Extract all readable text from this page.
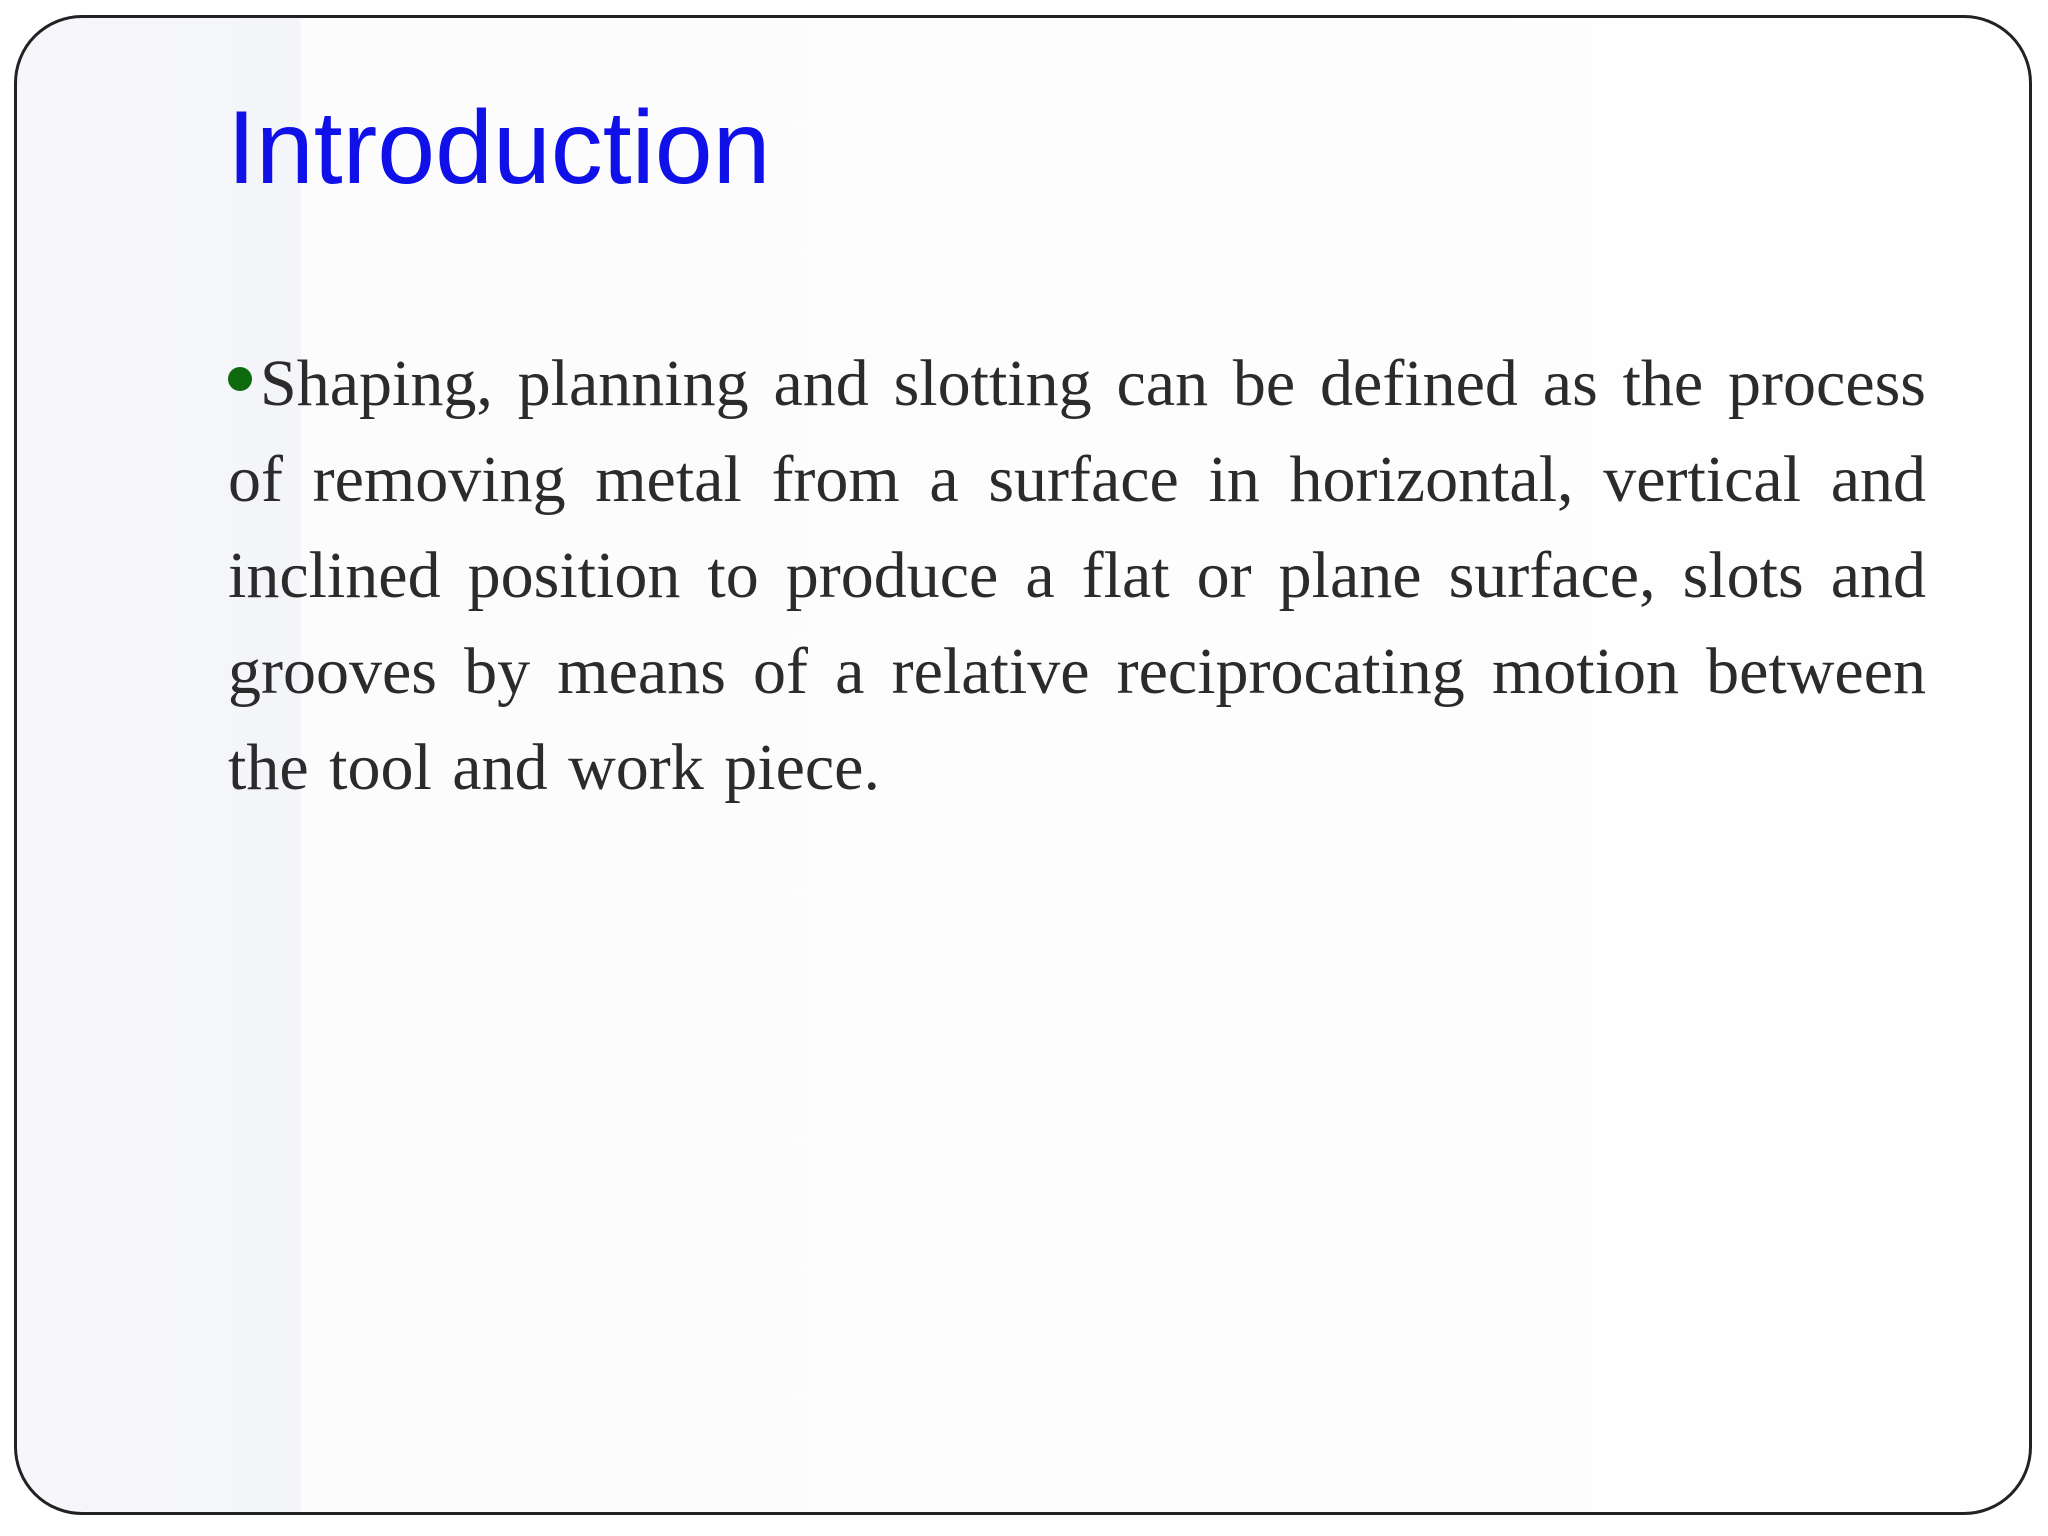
Introduction

Shaping, planning and slotting can be defined as the process of removing metal from a surface in horizontal, vertical and inclined position to produce a flat or plane surface, slots and grooves by means of a relative reciprocating motion between the tool and work piece.
